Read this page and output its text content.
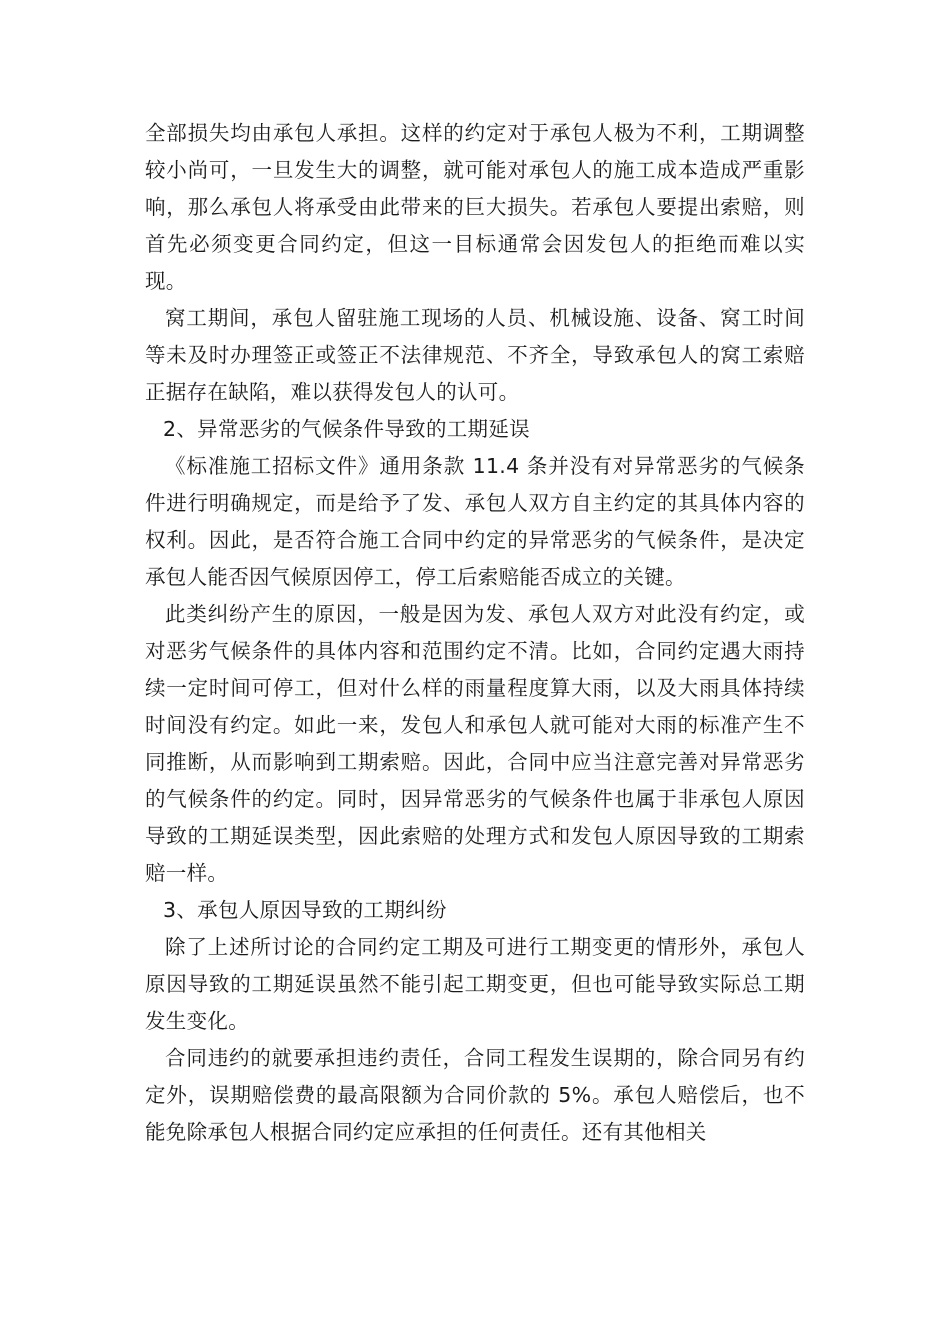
全部损失均由承包人承担。这样的约定对于承包人极为不利，工期调整较小尚可，一旦发生大的调整，就可能对承包人的施工成本造成严重影响，那么承包人将承受由此带来的巨大损失。若承包人要提出索赔，则首先必须变更合同约定，但这一目标通常会因发包人的拒绝而难以实现。

窝工期间，承包人留驻施工现场的人员、机械设施、设备、窝工时间等未及时办理签正或签正不法律规范、不齐全，导致承包人的窝工索赔正据存在缺陷，难以获得发包人的认可。

2、异常恶劣的气候条件导致的工期延误

《标准施工招标文件》通用条款 11.4 条并没有对异常恶劣的气候条件进行明确规定，而是给予了发、承包人双方自主约定的其具体内容的权利。因此，是否符合施工合同中约定的异常恶劣的气候条件，是决定承包人能否因气候原因停工，停工后索赔能否成立的关键。

此类纠纷产生的原因，一般是因为发、承包人双方对此没有约定，或对恶劣气候条件的具体内容和范围约定不清。比如，合同约定遇大雨持续一定时间可停工，但对什么样的雨量程度算大雨，以及大雨具体持续时间没有约定。如此一来，发包人和承包人就可能对大雨的标准产生不同推断，从而影响到工期索赔。因此，合同中应当注意完善对异常恶劣的气候条件的约定。同时，因异常恶劣的气候条件也属于非承包人原因导致的工期延误类型，因此索赔的处理方式和发包人原因导致的工期索赔一样。

3、承包人原因导致的工期纠纷

除了上述所讨论的合同约定工期及可进行工期变更的情形外，承包人原因导致的工期延误虽然不能引起工期变更，但也可能导致实际总工期发生变化。

合同违约的就要承担违约责任，合同工程发生误期的，除合同另有约定外，误期赔偿费的最高限额为合同价款的 5%。承包人赔偿后，也不能免除承包人根据合同约定应承担的任何责任。还有其他相关
